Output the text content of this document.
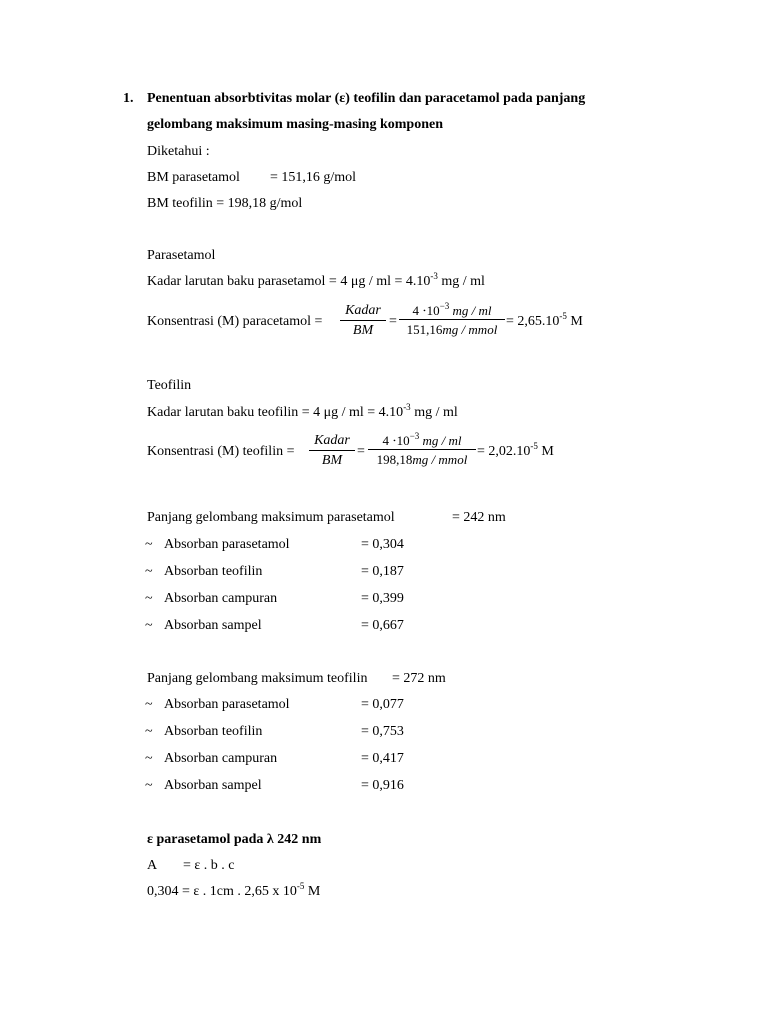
1. Penentuan absorbtivitas molar (ε) teofilin dan paracetamol pada panjang
gelombang maksimum masing-masing komponen
Diketahui :
BM parasetamol = 151,16 g/mol
BM teofilin = 198,18 g/mol
Parasetamol
Kadar larutan baku parasetamol = 4 μg / ml = $4.10^{-3}$ mg / ml
Konsentrasi (M) paracetamol =
Kadar
BM
=
$4 \cdot 10^{-3}$ mg / ml
151,16mg / mmol
= $2,65.10^{-5}$ M
Teofilin
Kadar larutan baku teofilin = 4 μg / ml = $4.10^{-3}$ mg / ml
Konsentrasi (M) teofilin =
Kadar
BM
=
$4 \cdot 10^{-3}$ mg / ml
198,18mg / mmol
= $2,02.10^{-5}$ M
Panjang gelombang maksimum parasetamol	= 242 nm
~ Absorban parasetamol	= 0,304
~ Absorban teofilin	= 0,187
~ Absorban campuran	= 0,399
~ Absorban sampel	= 0,667
Panjang gelombang maksimum teofilin = 272 nm
~ Absorban parasetamol	= 0,077
~ Absorban teofilin	= 0,753
~ Absorban campuran	= 0,417
~ Absorban sampel	= 0,916
ε parasetamol pada λ 242 nm
A = ε . b . c
0,304 = ε . 1cm . 2,65 x $10^{-5}$ M
